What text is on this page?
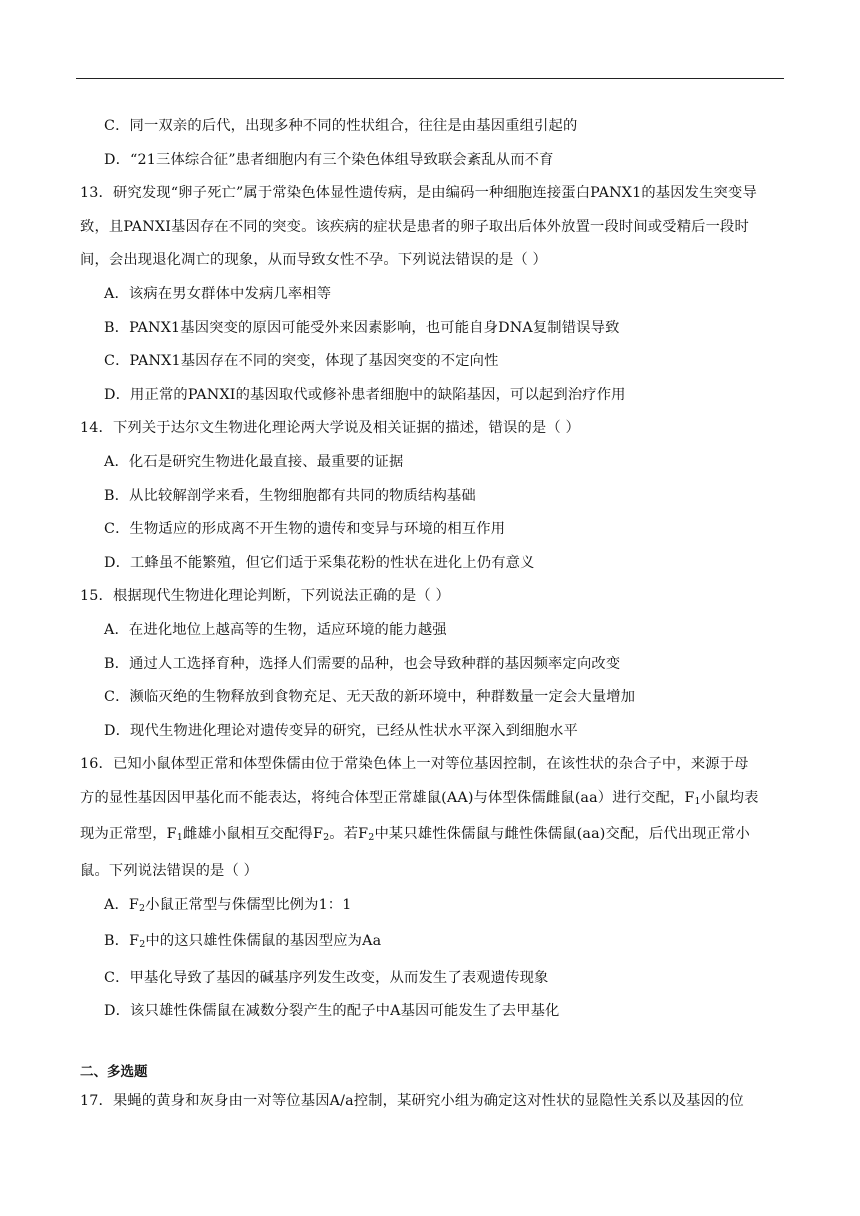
C．同一双亲的后代，出现多种不同的性状组合，往往是由基因重组引起的
D．“21三体综合征”患者细胞内有三个染色体组导致联会紊乱从而不育
13．研究发现“卵子死亡”属于常染色体显性遗传病，是由编码一种细胞连接蛋白PANX1的基因发生突变导
致，且PANXI基因存在不同的突变。该疾病的症状是患者的卵子取出后体外放置一段时间或受精后一段时
间，会出现退化凋亡的现象，从而导致女性不孕。下列说法错误的是（ ）
A．该病在男女群体中发病几率相等
B．PANX1基因突变的原因可能受外来因素影响，也可能自身DNA复制错误导致
C．PANX1基因存在不同的突变，体现了基因突变的不定向性
D．用正常的PANXI的基因取代或修补患者细胞中的缺陷基因，可以起到治疗作用
14．下列关于达尔文生物进化理论两大学说及相关证据的描述，错误的是（ ）
A．化石是研究生物进化最直接、最重要的证据
B．从比较解剖学来看，生物细胞都有共同的物质结构基础
C．生物适应的形成离不开生物的遗传和变异与环境的相互作用
D．工蜂虽不能繁殖，但它们适于采集花粉的性状在进化上仍有意义
15．根据现代生物进化理论判断，下列说法正确的是（ ）
A．在进化地位上越高等的生物，适应环境的能力越强
B．通过人工选择育种，选择人们需要的品种，也会导致种群的基因频率定向改变
C．濒临灭绝的生物释放到食物充足、无天敌的新环境中，种群数量一定会大量增加
D．现代生物进化理论对遗传变异的研究，已经从性状水平深入到细胞水平
16．已知小鼠体型正常和体型侏儒由位于常染色体上一对等位基因控制，在该性状的杂合子中，来源于母
方的显性基因因甲基化而不能表达，将纯合体型正常雄鼠(AA)与体型侏儒雌鼠(aa）进行交配，$F_1$小鼠均表
现为正常型，$F_1$雌雄小鼠相互交配得$F_2$。若$F_2$中某只雄性侏儒鼠与雌性侏儒鼠(aa)交配，后代出现正常小
鼠。下列说法错误的是（ ）
A．$F_2$小鼠正常型与侏儒型比例为1：1
B．$F_2$中的这只雄性侏儒鼠的基因型应为Aa
C．甲基化导致了基因的碱基序列发生改变，从而发生了表观遗传现象
D．该只雄性侏儒鼠在减数分裂产生的配子中A基因可能发生了去甲基化
二、多选题
17．果蝇的黄身和灰身由一对等位基因A/a控制，某研究小组为确定这对性状的显隐性关系以及基因的位
